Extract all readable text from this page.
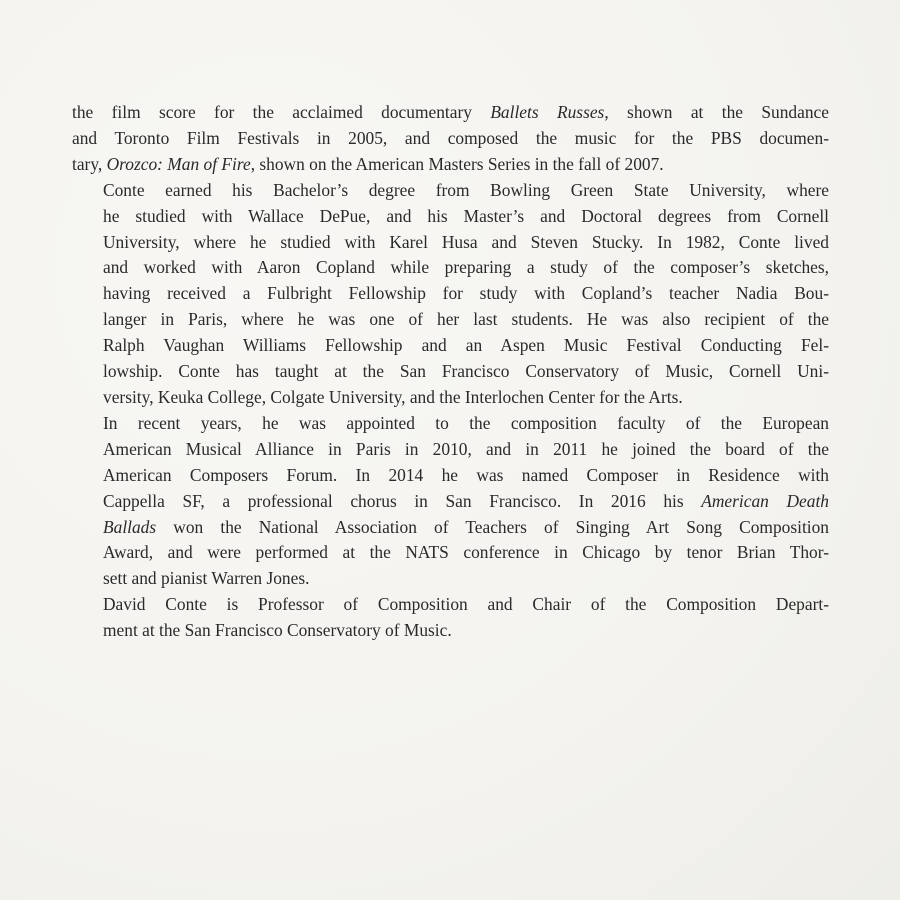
the film score for the acclaimed documentary Ballets Russes, shown at the Sundance
and Toronto Film Festivals in 2005, and composed the music for the PBS documen-
tary, Orozco: Man of Fire, shown on the American Masters Series in the fall of 2007.

Conte earned his Bachelor’s degree from Bowling Green State University, where
he studied with Wallace DePue, and his Master’s and Doctoral degrees from Cornell
University, where he studied with Karel Husa and Steven Stucky. In 1982, Conte lived
and worked with Aaron Copland while preparing a study of the composer’s sketches,
having received a Fulbright Fellowship for study with Copland’s teacher Nadia Bou-
langer in Paris, where he was one of her last students. He was also recipient of the
Ralph Vaughan Williams Fellowship and an Aspen Music Festival Conducting Fel-
lowship. Conte has taught at the San Francisco Conservatory of Music, Cornell Uni-
versity, Keuka College, Colgate University, and the Interlochen Center for the Arts.

In recent years, he was appointed to the composition faculty of the European
American Musical Alliance in Paris in 2010, and in 2011 he joined the board of the
American Composers Forum. In 2014 he was named Composer in Residence with
Cappella SF, a professional chorus in San Francisco. In 2016 his American Death
Ballads won the National Association of Teachers of Singing Art Song Composition
Award, and were performed at the NATS conference in Chicago by tenor Brian Thor-
sett and pianist Warren Jones.

David Conte is Professor of Composition and Chair of the Composition Depart-
ment at the San Francisco Conservatory of Music.
